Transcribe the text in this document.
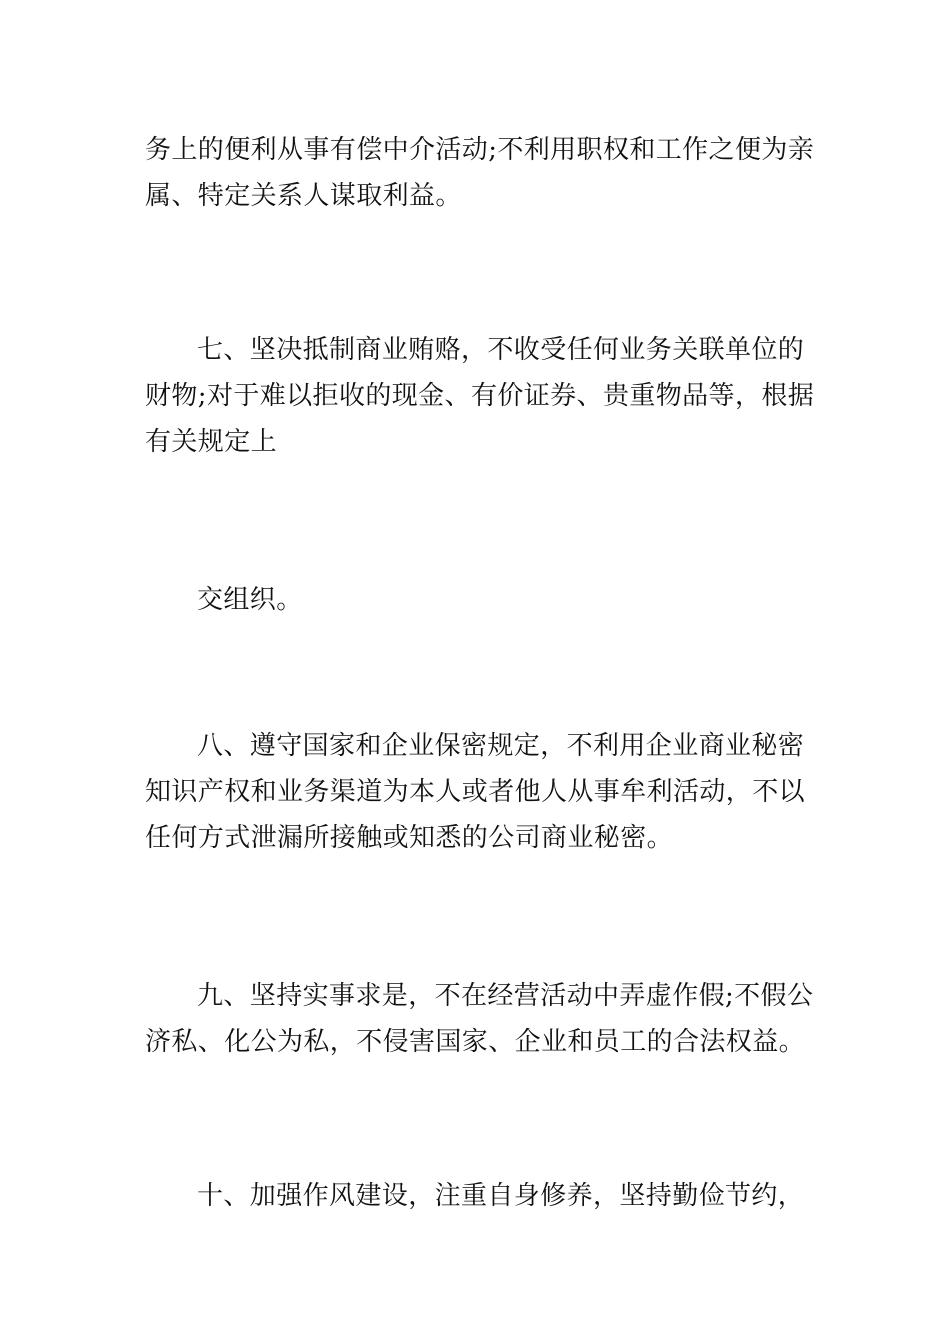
务上的便利从事有偿中介活动;不利用职权和工作之便为亲
属、特定关系人谋取利益。

七、坚决抵制商业贿赂，不收受任何业务关联单位的
财物;对于难以拒收的现金、有价证券、贵重物品等，根据
有关规定上

交组织。

八、遵守国家和企业保密规定，不利用企业商业秘密
知识产权和业务渠道为本人或者他人从事牟利活动，不以
任何方式泄漏所接触或知悉的公司商业秘密。

九、坚持实事求是，不在经营活动中弄虚作假;不假公
济私、化公为私，不侵害国家、企业和员工的合法权益。

十、加强作风建设，注重自身修养，坚持勤俭节约，
